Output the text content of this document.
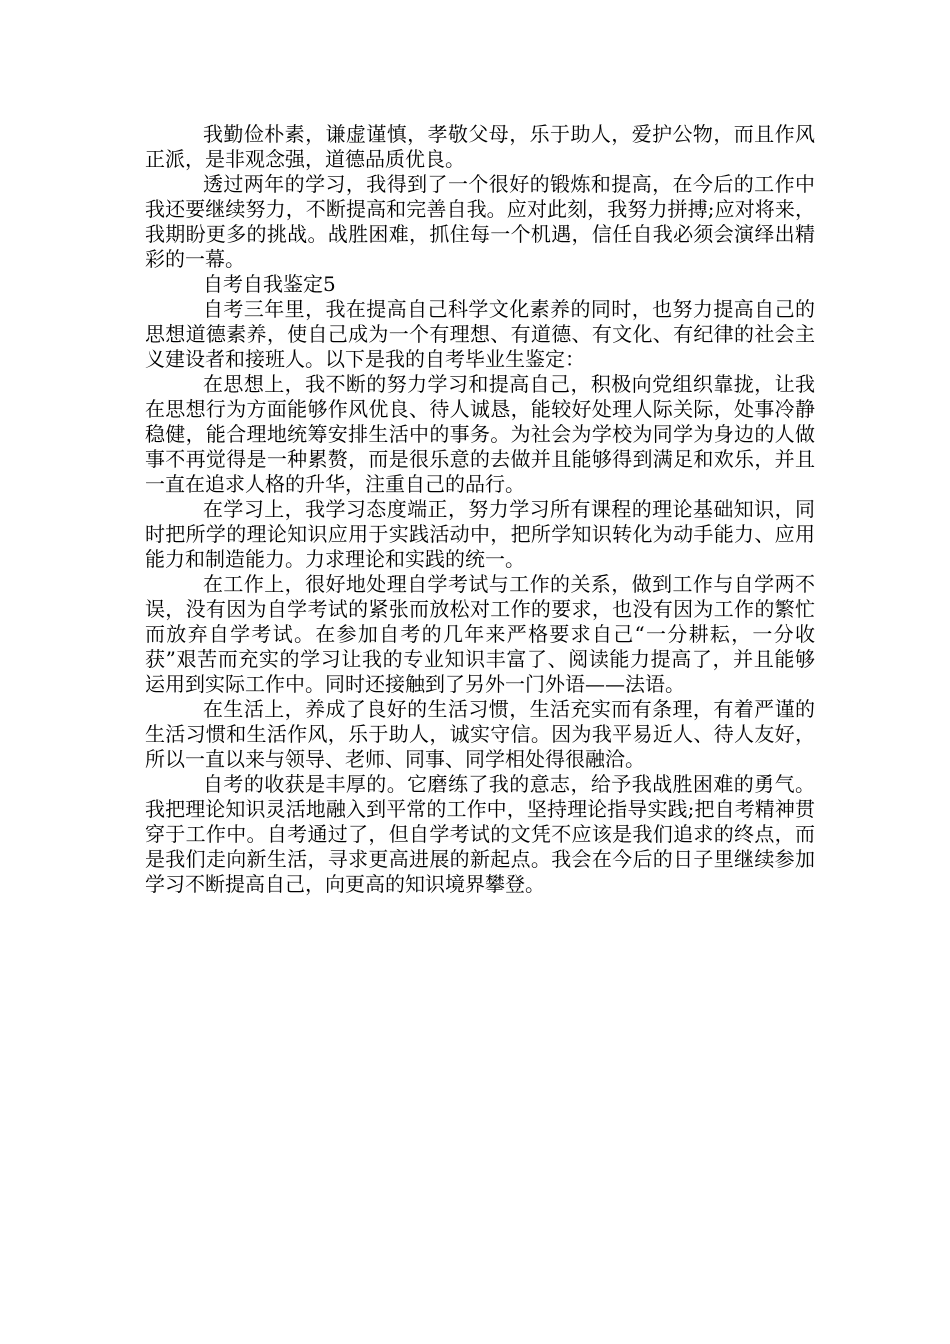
我勤俭朴素，谦虚谨慎，孝敬父母，乐于助人，爱护公物，而且作风正派，是非观念强，道德品质优良。

透过两年的学习，我得到了一个很好的锻炼和提高，在今后的工作中我还要继续努力，不断提高和完善自我。应对此刻，我努力拼搏;应对将来，我期盼更多的挑战。战胜困难，抓住每一个机遇，信任自我必须会演绎出精彩的一幕。

自考自我鉴定5

自考三年里，我在提高自己科学文化素养的同时，也努力提高自己的思想道德素养，使自己成为一个有理想、有道德、有文化、有纪律的社会主义建设者和接班人。以下是我的自考毕业生鉴定：

在思想上，我不断的努力学习和提高自己，积极向党组织靠拢，让我在思想行为方面能够作风优良、待人诚恳，能较好处理人际关际，处事冷静稳健，能合理地统筹安排生活中的事务。为社会为学校为同学为身边的人做事不再觉得是一种累赘，而是很乐意的去做并且能够得到满足和欢乐，并且一直在追求人格的升华，注重自己的品行。

在学习上，我学习态度端正，努力学习所有课程的理论基础知识，同时把所学的理论知识应用于实践活动中，把所学知识转化为动手能力、应用能力和制造能力。力求理论和实践的统一。

在工作上，很好地处理自学考试与工作的关系，做到工作与自学两不误，没有因为自学考试的紧张而放松对工作的要求，也没有因为工作的繁忙而放弃自学考试。在参加自考的几年来严格要求自己“一分耕耘，一分收获”艰苦而充实的学习让我的专业知识丰富了、阅读能力提高了，并且能够运用到实际工作中。同时还接触到了另外一门外语——法语。

在生活上，养成了良好的生活习惯，生活充实而有条理，有着严谨的生活习惯和生活作风，乐于助人，诚实守信。因为我平易近人、待人友好，所以一直以来与领导、老师、同事、同学相处得很融洽。

自考的收获是丰厚的。它磨练了我的意志，给予我战胜困难的勇气。我把理论知识灵活地融入到平常的工作中，坚持理论指导实践;把自考精神贯穿于工作中。自考通过了，但自学考试的文凭不应该是我们追求的终点，而是我们走向新生活，寻求更高进展的新起点。我会在今后的日子里继续参加学习不断提高自己，向更高的知识境界攀登。
